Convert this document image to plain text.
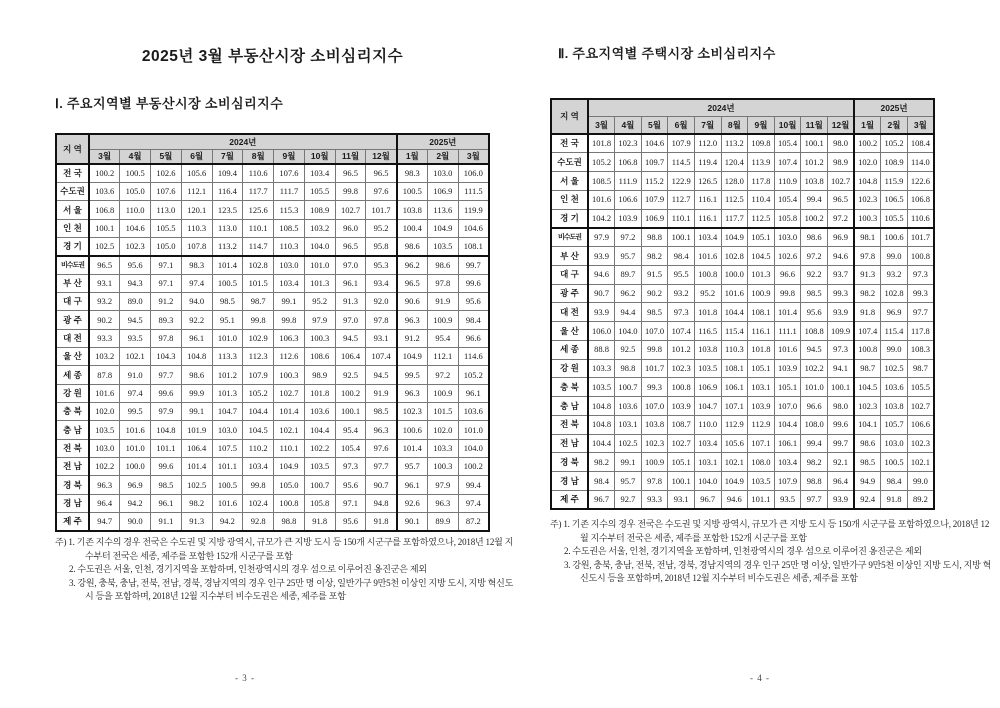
2025년 3월 부동산시장 소비심리지수
Ⅰ. 주요지역별 부동산시장 소비심리지수
지 역	2024년										2025년		
	3월	4월	5월	6월	7월	8월	9월	10월	11월	12월	1월	2월	3월
전 국	100.2	100.5	102.6	105.6	109.4	110.6	107.6	103.4	96.5	96.5	98.3	103.0	106.0
수도권	103.6	105.0	107.6	112.1	116.4	117.7	111.7	105.5	99.8	97.6	100.5	106.9	111.5
서 울	106.8	110.0	113.0	120.1	123.5	125.6	115.3	108.9	102.7	101.7	103.8	113.6	119.9
인 천	100.1	104.6	105.5	110.3	113.0	110.1	108.5	103.2	96.0	95.2	100.4	104.9	104.6
경 기	102.5	102.3	105.0	107.8	113.2	114.7	110.3	104.0	96.5	95.8	98.6	103.5	108.1
비수도권	96.5	95.6	97.1	98.3	101.4	102.8	103.0	101.0	97.0	95.3	96.2	98.6	99.7
부 산	93.1	94.3	97.1	97.4	100.5	101.5	103.4	101.3	96.1	93.4	96.5	97.8	99.6
대 구	93.2	89.0	91.2	94.0	98.5	98.7	99.1	95.2	91.3	92.0	90.6	91.9	95.6
광 주	90.2	94.5	89.3	92.2	95.1	99.8	99.8	97.9	97.0	97.8	96.3	100.9	98.4
대 전	93.3	93.5	97.8	96.1	101.0	102.9	106.3	100.3	94.5	93.1	91.2	95.4	96.6
울 산	103.2	102.1	104.3	104.8	113.3	112.3	112.6	108.6	106.4	107.4	104.9	112.1	114.6
세 종	87.8	91.0	97.7	98.6	101.2	107.9	100.3	98.9	92.5	94.5	99.5	97.2	105.2
강 원	101.6	97.4	99.6	99.9	101.3	105.2	102.7	101.8	100.2	91.9	96.3	100.9	96.1
충 북	102.0	99.5	97.9	99.1	104.7	104.4	101.4	103.6	100.1	98.5	102.3	101.5	103.6
충 남	103.5	101.6	104.8	101.9	103.0	104.5	102.1	104.4	95.4	96.3	100.6	102.0	101.0
전 북	103.0	101.0	101.1	106.4	107.5	110.2	110.1	102.2	105.4	97.6	101.4	103.3	104.0
전 남	102.2	100.0	99.6	101.4	101.1	103.4	104.9	103.5	97.3	97.7	95.7	100.3	100.2
경 북	96.3	96.9	98.5	102.5	100.5	99.8	105.0	100.7	95.6	90.7	96.1	97.9	99.4
경 남	96.4	94.2	96.1	98.2	101.6	102.4	100.8	105.8	97.1	94.8	92.6	96.3	97.4
제 주	94.7	90.0	91.1	91.3	94.2	92.8	98.8	91.8	95.6	91.8	90.1	89.9	87.2
주) 1. 기존 지수의 경우 전국은 수도권 및 지방 광역시, 규모가 큰 지방 도시 등 150개 시군구를 포함하였으나, 2018년 12월 지수부터 전국은 세종, 제주를 포함한 152개 시군구를 포함
2. 수도권은 서울, 인천, 경기지역을 포함하며, 인천광역시의 경우 섬으로 이루어진 옹진군은 제외
3. 강원, 충북, 충남, 전북, 전남, 경북, 경남지역의 경우 인구 25만 명 이상, 일반가구 9만5천 이상인 지방 도시, 지방 혁신도시 등을 포함하며, 2018년 12월 지수부터 비수도권은 세종, 제주를 포함
- 3 -
Ⅱ. 주요지역별 주택시장 소비심리지수
지 역	2024년										2025년		
	3월	4월	5월	6월	7월	8월	9월	10월	11월	12월	1월	2월	3월
전 국	101.8	102.3	104.6	107.9	112.0	113.2	109.8	105.4	100.1	98.0	100.2	105.2	108.4
수도권	105.2	106.8	109.7	114.5	119.4	120.4	113.9	107.4	101.2	98.9	102.0	108.9	114.0
서 울	108.5	111.9	115.2	122.9	126.5	128.0	117.8	110.9	103.8	102.7	104.8	115.9	122.6
인 천	101.6	106.6	107.9	112.7	116.1	112.5	110.4	105.4	99.4	96.5	102.3	106.5	106.8
경 기	104.2	103.9	106.9	110.1	116.1	117.7	112.5	105.8	100.2	97.2	100.3	105.5	110.6
비수도권	97.9	97.2	98.8	100.1	103.4	104.9	105.1	103.0	98.6	96.9	98.1	100.6	101.7
부 산	93.9	95.7	98.2	98.4	101.6	102.8	104.5	102.6	97.2	94.6	97.8	99.0	100.8
대 구	94.6	89.7	91.5	95.5	100.8	100.0	101.3	96.6	92.2	93.7	91.3	93.2	97.3
광 주	90.7	96.2	90.2	93.2	95.2	101.6	100.9	99.8	98.5	99.3	98.2	102.8	99.3
대 전	93.9	94.4	98.5	97.3	101.8	104.4	108.1	101.4	95.6	93.9	91.8	96.9	97.7
울 산	106.0	104.0	107.0	107.4	116.5	115.4	116.1	111.1	108.8	109.9	107.4	115.4	117.8
세 종	88.8	92.5	99.8	101.2	103.8	110.3	101.8	101.6	94.5	97.3	100.8	99.0	108.3
강 원	103.3	98.8	101.7	102.3	103.5	108.1	105.1	103.9	102.2	94.1	98.7	102.5	98.7
충 북	103.5	100.7	99.3	100.8	106.9	106.1	103.1	105.1	101.0	100.1	104.5	103.6	105.5
충 남	104.8	103.6	107.0	103.9	104.7	107.1	103.9	107.0	96.6	98.0	102.3	103.8	102.7
전 북	104.8	103.1	103.8	108.7	110.0	112.9	112.9	104.4	108.0	99.6	104.1	105.7	106.6
전 남	104.4	102.5	102.3	102.7	103.4	105.6	107.1	106.1	99.4	99.7	98.6	103.0	102.3
경 북	98.2	99.1	100.9	105.1	103.1	102.1	108.0	103.4	98.2	92.1	98.5	100.5	102.1
경 남	98.4	95.7	97.8	100.1	104.0	104.9	103.5	107.9	98.8	96.4	94.9	98.4	99.0
제 주	96.7	92.7	93.3	93.1	96.7	94.6	101.1	93.5	97.7	93.9	92.4	91.8	89.2
주) 1. 기존 지수의 경우 전국은 수도권 및 지방 광역시, 규모가 큰 지방 도시 등 150개 시군구를 포함하였으나, 2018년 12월 지수부터 전국은 세종, 제주를 포함한 152개 시군구를 포함
2. 수도권은 서울, 인천, 경기지역을 포함하며, 인천광역시의 경우 섬으로 이루어진 옹진군은 제외
3. 강원, 충북, 충남, 전북, 전남, 경북, 경남지역의 경우 인구 25만 명 이상, 일반가구 9만5천 이상인 지방 도시, 지방 혁신도시 등을 포함하며, 2018년 12월 지수부터 비수도권은 세종, 제주를 포함
- 4 -
